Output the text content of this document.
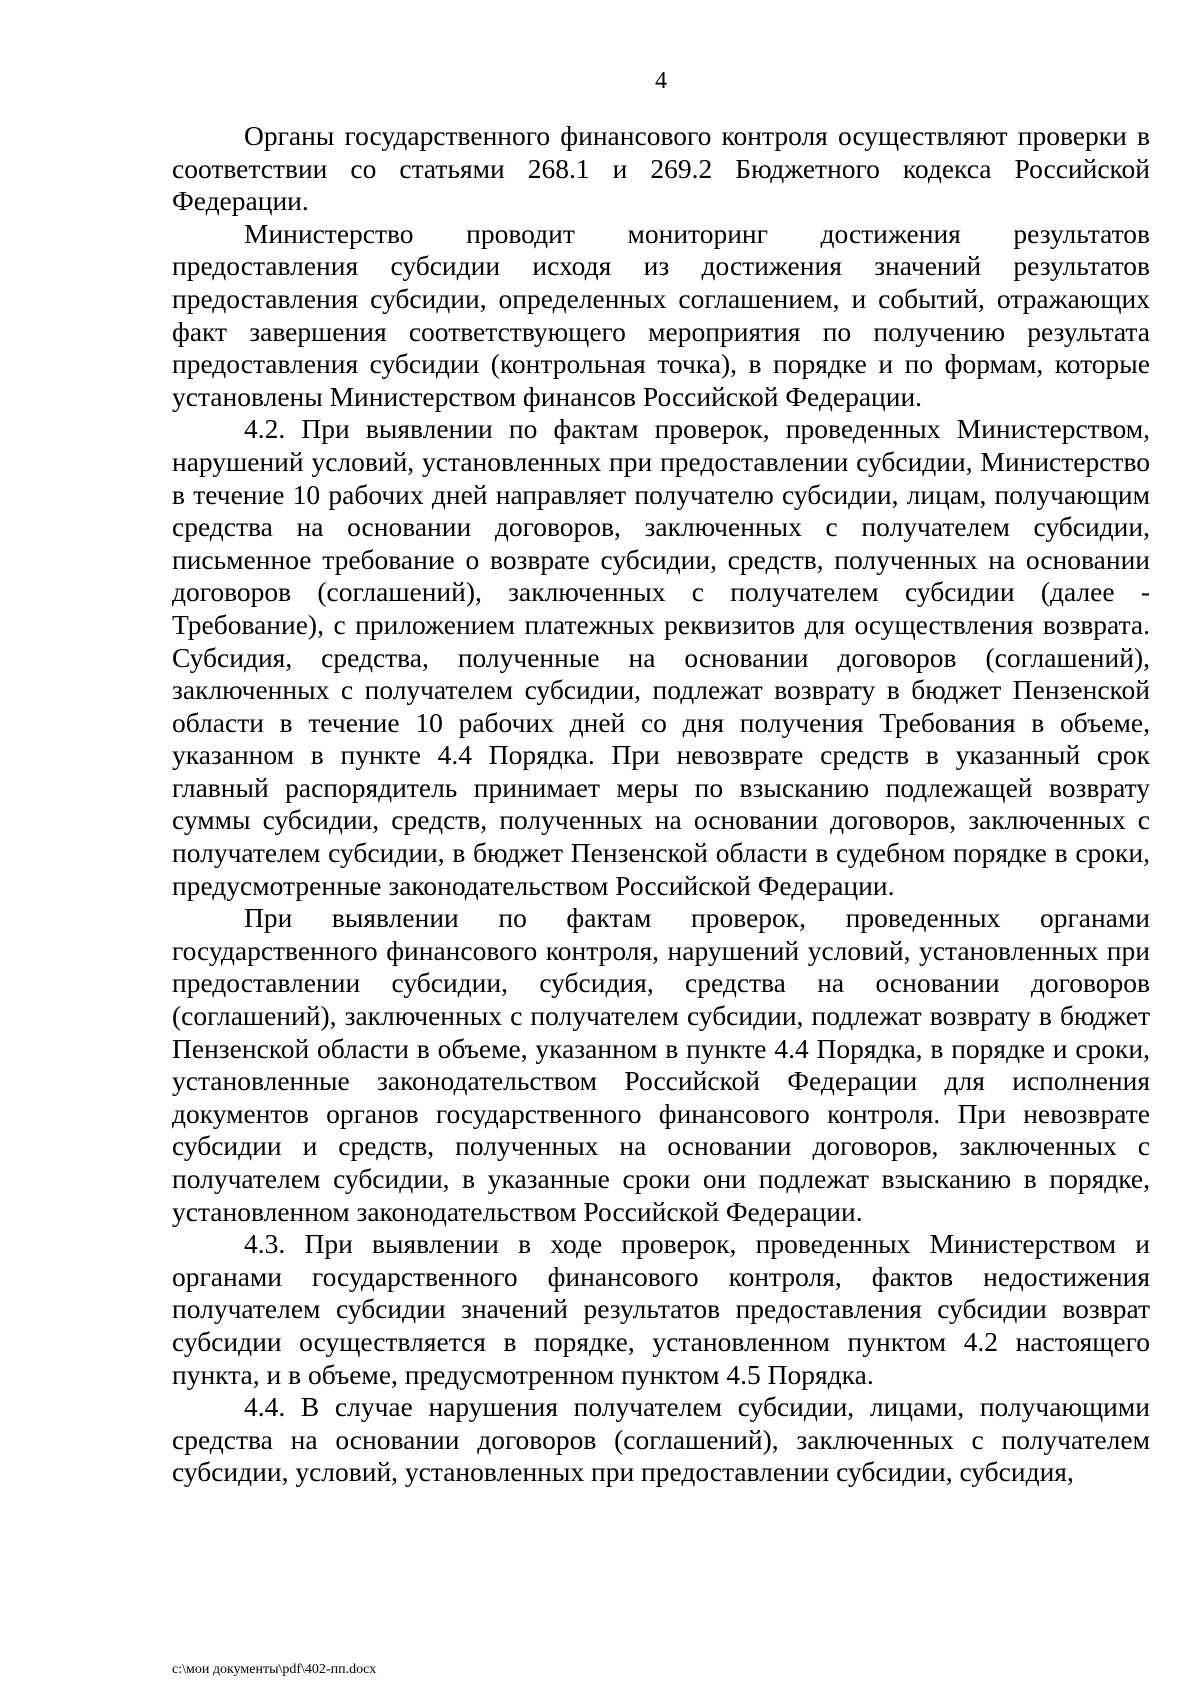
4

Органы государственного финансового контроля осуществляют проверки в соответствии со статьями 268.1 и 269.2 Бюджетного кодекса Российской Федерации.

Министерство проводит мониторинг достижения результатов предоставления субсидии исходя из достижения значений результатов предоставления субсидии, определенных соглашением, и событий, отражающих факт завершения соответствующего мероприятия по получению результата предоставления субсидии (контрольная точка), в порядке и по формам, которые установлены Министерством финансов Российской Федерации.

4.2. При выявлении по фактам проверок, проведенных Министерством, нарушений условий, установленных при предоставлении субсидии, Министерство в течение 10 рабочих дней направляет получателю субсидии, лицам, получающим средства на основании договоров, заключенных с получателем субсидии, письменное требование о возврате субсидии, средств, полученных на основании договоров (соглашений), заключенных с получателем субсидии (далее - Требование), с приложением платежных реквизитов для осуществления возврата. Субсидия, средства, полученные на основании договоров (соглашений), заключенных с получателем субсидии, подлежат возврату в бюджет Пензенской области в течение 10 рабочих дней со дня получения Требования в объеме, указанном в пункте 4.4 Порядка. При невозврате средств в указанный срок главный распорядитель принимает меры по взысканию подлежащей возврату суммы субсидии, средств, полученных на основании договоров, заключенных с получателем субсидии, в бюджет Пензенской области в судебном порядке в сроки, предусмотренные законодательством Российской Федерации.

При выявлении по фактам проверок, проведенных органами государственного финансового контроля, нарушений условий, установленных при предоставлении субсидии, субсидия, средства на основании договоров (соглашений), заключенных с получателем субсидии, подлежат возврату в бюджет Пензенской области в объеме, указанном в пункте 4.4 Порядка, в порядке и сроки, установленные законодательством Российской Федерации для исполнения документов органов государственного финансового контроля. При невозврате субсидии и средств, полученных на основании договоров, заключенных с получателем субсидии, в указанные сроки они подлежат взысканию в порядке, установленном законодательством Российской Федерации.

4.3. При выявлении в ходе проверок, проведенных Министерством и органами государственного финансового контроля, фактов недостижения получателем субсидии значений результатов предоставления субсидии возврат субсидии осуществляется в порядке, установленном пунктом 4.2 настоящего пункта, и в объеме, предусмотренном пунктом 4.5 Порядка.

4.4. В случае нарушения получателем субсидии, лицами, получающими средства на основании договоров (соглашений), заключенных с получателем субсидии, условий, установленных при предоставлении субсидии, субсидия,

c:\мои документы\pdf\402-пп.docx
